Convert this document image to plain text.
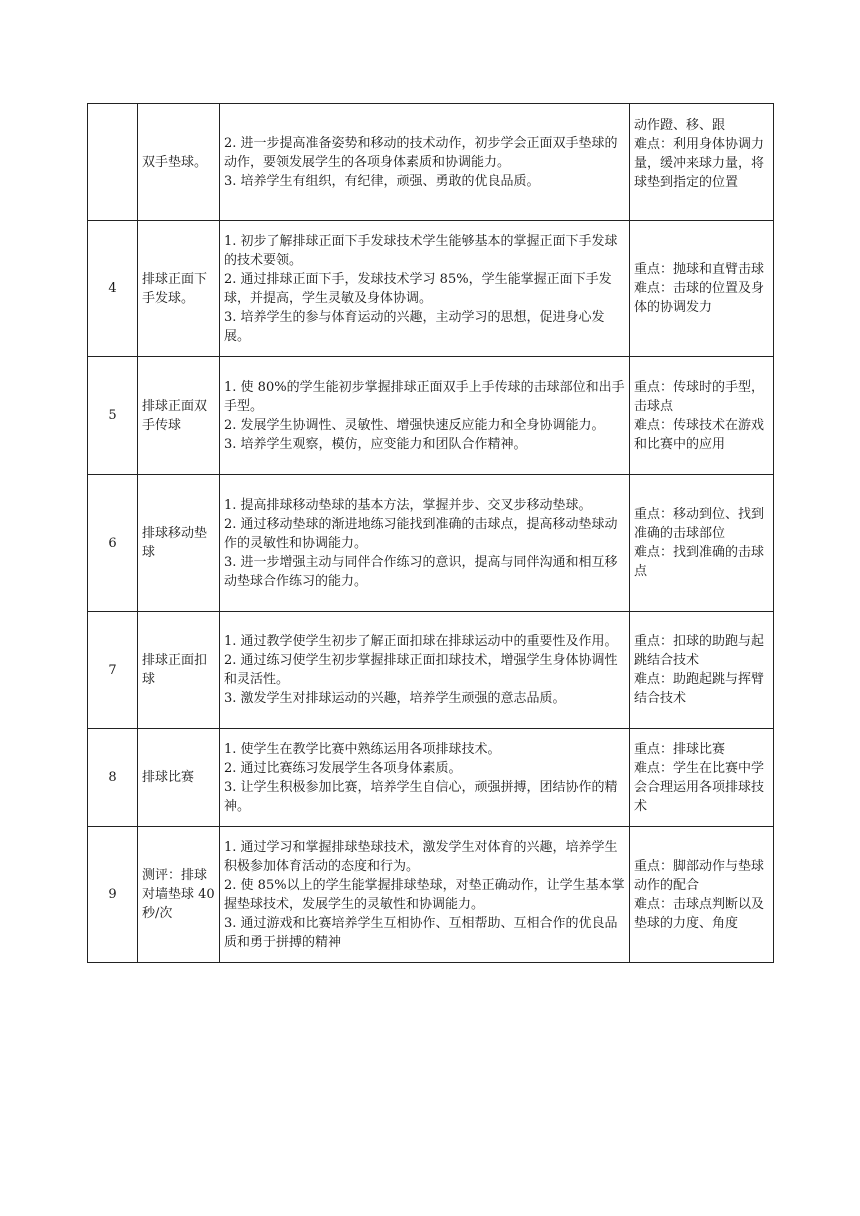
	双手垫球。	2. 进一步提高准备姿势和移动的技术动作，初步学会正面双手垫球的动作，要领发展学生的各项身体素质和协调能力。
3. 培养学生有组织，有纪律，顽强、勇敢的优良品质。	动作蹬、移、跟
难点：利用身体协调力量，缓冲来球力量，将球垫到指定的位置

4	排球正面下手发球。	1. 初步了解排球正面下手发球技术学生能够基本的掌握正面下手发球的技术要领。
2. 通过排球正面下手，发球技术学习 85%，学生能掌握正面下手发球，并提高，学生灵敏及身体协调。
3. 培养学生的参与体育运动的兴趣，主动学习的思想，促进身心发展。	重点：抛球和直臂击球
难点：击球的位置及身体的协调发力

5	排球正面双手传球	1. 使 80%的学生能初步掌握排球正面双手上手传球的击球部位和出手手型。
2. 发展学生协调性、灵敏性、增强快速反应能力和全身协调能力。
3. 培养学生观察，模仿，应变能力和团队合作精神。	重点：传球时的手型，击球点
难点：传球技术在游戏和比赛中的应用

6	排球移动垫球	1. 提高排球移动垫球的基本方法，掌握并步、交叉步移动垫球。
2. 通过移动垫球的渐进地练习能找到准确的击球点，提高移动垫球动作的灵敏性和协调能力。
3. 进一步增强主动与同伴合作练习的意识，提高与同伴沟通和相互移动垫球合作练习的能力。	重点：移动到位、找到准确的击球部位
难点：找到准确的击球点

7	排球正面扣球	1. 通过教学使学生初步了解正面扣球在排球运动中的重要性及作用。
2. 通过练习使学生初步掌握排球正面扣球技术，增强学生身体协调性和灵活性。
3. 激发学生对排球运动的兴趣，培养学生顽强的意志品质。	重点：扣球的助跑与起跳结合技术
难点：助跑起跳与挥臂结合技术

8	排球比赛	1. 使学生在教学比赛中熟练运用各项排球技术。
2. 通过比赛练习发展学生各项身体素质。
3. 让学生积极参加比赛，培养学生自信心，顽强拼搏，团结协作的精神。	重点：排球比赛
难点：学生在比赛中学会合理运用各项排球技术

9	测评：排球对墙垫球 40 秒/次	1. 通过学习和掌握排球垫球技术，激发学生对体育的兴趣，培养学生积极参加体育活动的态度和行为。
2. 使 85%以上的学生能掌握排球垫球，对垫正确动作，让学生基本掌握垫球技术，发展学生的灵敏性和协调能力。
3. 通过游戏和比赛培养学生互相协作、互相帮助、互相合作的优良品质和勇于拼搏的精神	重点：脚部动作与垫球动作的配合
难点：击球点判断以及垫球的力度、角度
